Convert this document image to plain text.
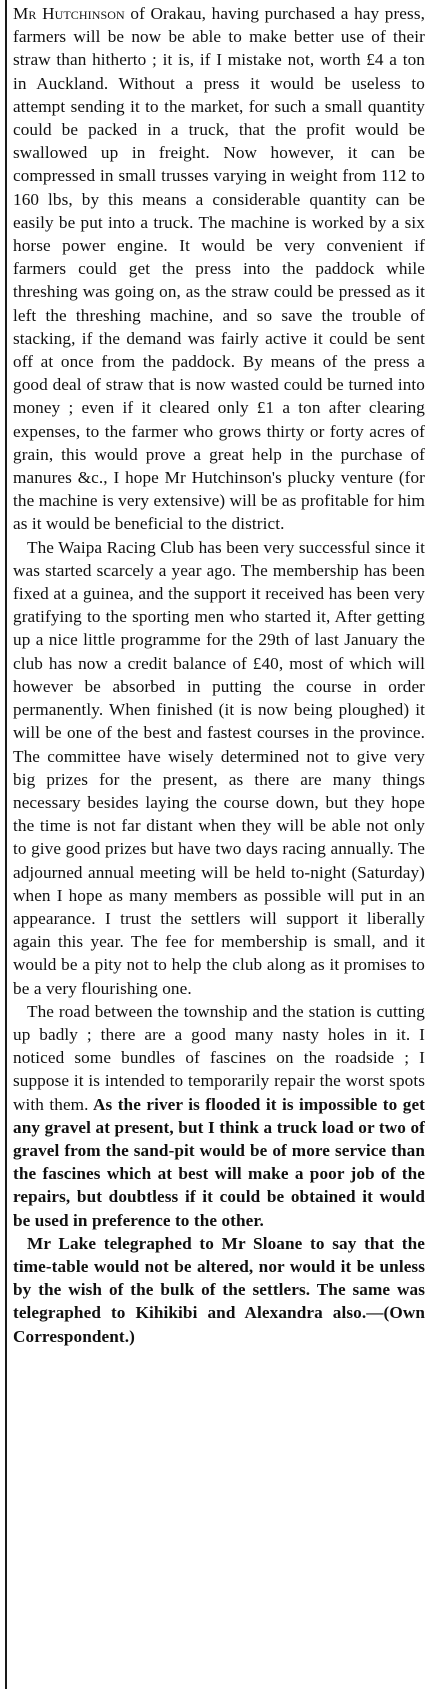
Mr Hutchinson of Orakau, having purchased a hay press, farmers will be now be able to make better use of their straw than hitherto ; it is, if I mistake not, worth £4 a ton in Auckland. Without a press it would be useless to attempt sending it to the market, for such a small quantity could be packed in a truck, that the profit would be swallowed up in freight. Now however, it can be compressed in small trusses varying in weight from 112 to 160 lbs, by this means a considerable quantity can be easily be put into a truck. The machine is worked by a six horse power engine. It would be very convenient if farmers could get the press into the paddock while threshing was going on, as the straw could be pressed as it left the threshing machine, and so save the trouble of stacking, if the demand was fairly active it could be sent off at once from the paddock. By means of the press a good deal of straw that is now wasted could be turned into money ; even if it cleared only £1 a ton after clearing expenses, to the farmer who grows thirty or forty acres of grain, this would prove a great help in the purchase of manures &c., I hope Mr Hutchinson's plucky venture (for the machine is very extensive) will be as profitable for him as it would be beneficial to the district.

The Waipa Racing Club has been very successful since it was started scarcely a year ago. The membership has been fixed at a guinea, and the support it received has been very gratifying to the sporting men who started it, After getting up a nice little programme for the 29th of last January the club has now a credit balance of £40, most of which will however be absorbed in putting the course in order permanently. When finished (it is now being ploughed) it will be one of the best and fastest courses in the province. The committee have wisely determined not to give very big prizes for the present, as there are many things necessary besides laying the course down, but they hope the time is not far distant when they will be able not only to give good prizes but have two days racing annually. The adjourned annual meeting will be held to-night (Saturday) when I hope as many members as possible will put in an appearance. I trust the settlers will support it liberally again this year. The fee for membership is small, and it would be a pity not to help the club along as it promises to be a very flourishing one.

The road between the township and the station is cutting up badly ; there are a good many nasty holes in it. I noticed some bundles of fascines on the roadside ; I suppose it is intended to temporarily repair the worst spots with them. As the river is flooded it is impossible to get any gravel at present, but I think a truck load or two of gravel from the sand-pit would be of more service than the fascines which at best will make a poor job of the repairs, but doubtless if it could be obtained it would be used in preference to the other.

Mr Lake telegraphed to Mr Sloane to say that the time-table would not be altered, nor would it be unless by the wish of the bulk of the settlers. The same was telegraphed to Kihikibi and Alexandra also.—(Own Correspondent.)
